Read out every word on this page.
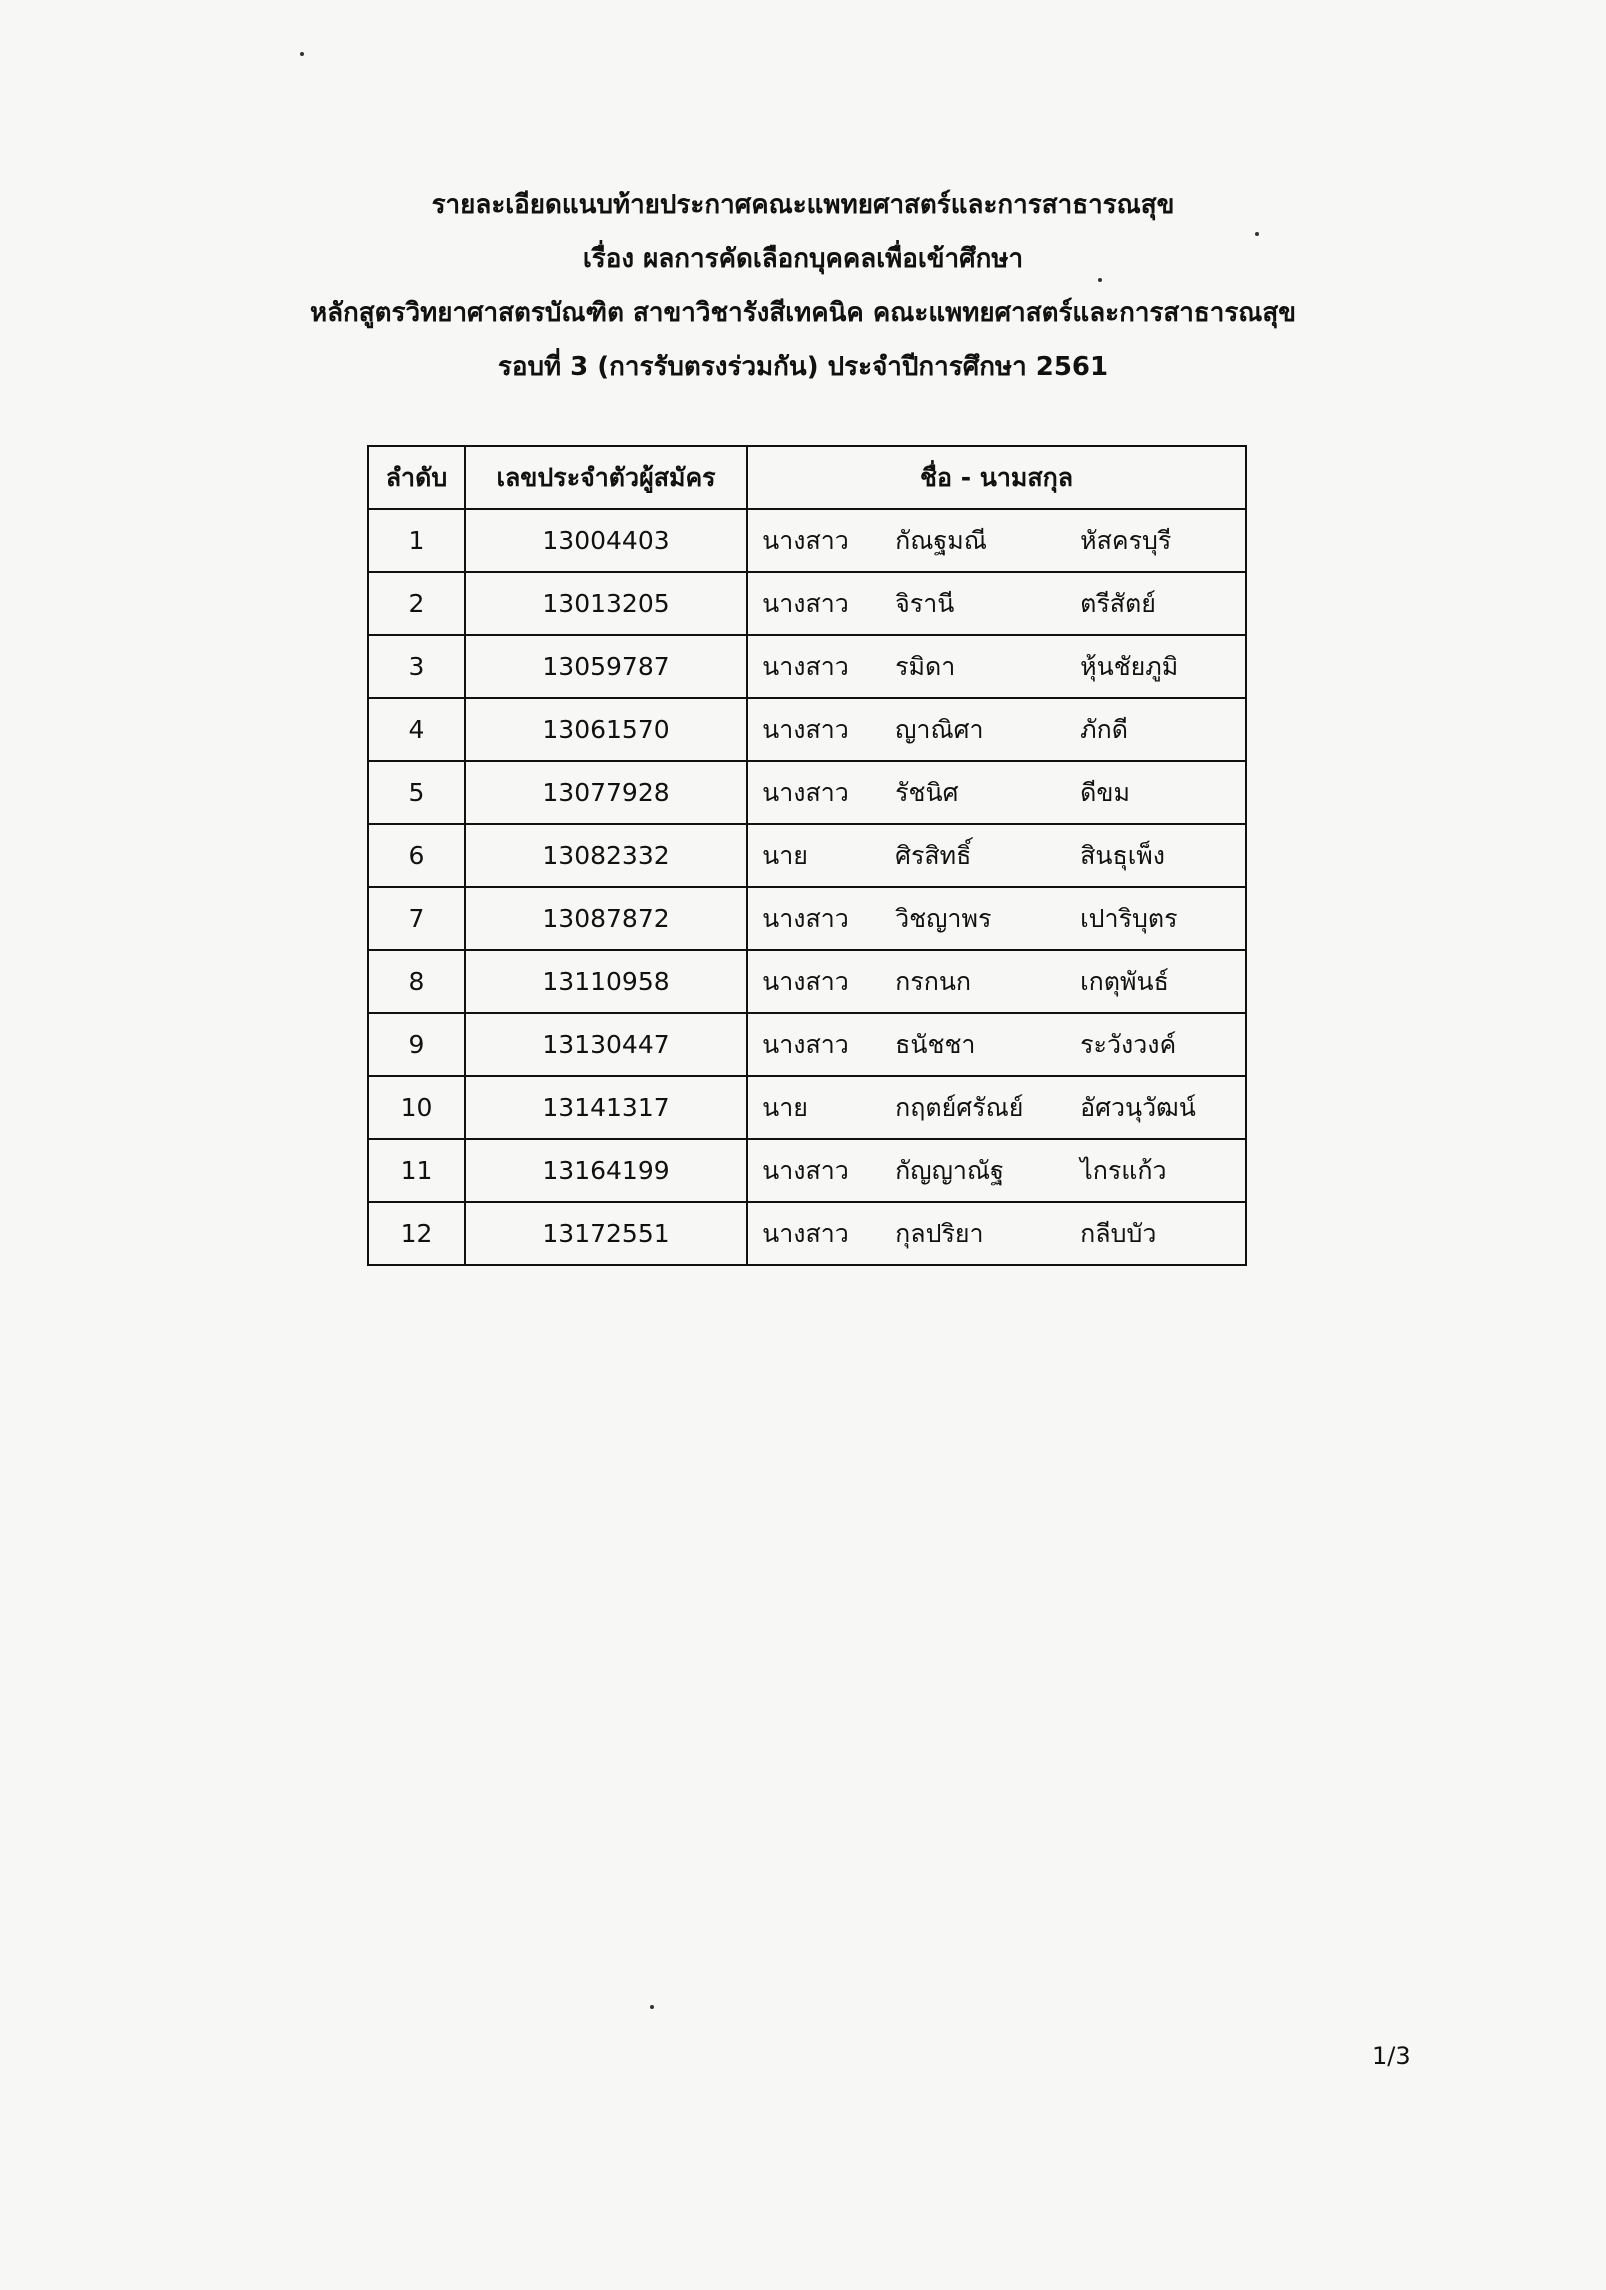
รายละเอียดแนบท้ายประกาศคณะแพทยศาสตร์และการสาธารณสุข
เรื่อง ผลการคัดเลือกบุคคลเพื่อเข้าศึกษา
หลักสูตรวิทยาศาสตรบัณฑิต สาขาวิชารังสีเทคนิค คณะแพทยศาสตร์และการสาธารณสุข
รอบที่ 3 (การรับตรงร่วมกัน) ประจำปีการศึกษา 2561
ลำดับ	เลขประจำตัวผู้สมัคร	ชื่อ - นามสกุล
1	13004403	นางสาว กัณฐมณี หัสครบุรี

2	13013205	นางสาว จิรานี ตรีสัตย์

3	13059787	นางสาว รมิดา หุ้นชัยภูมิ

4	13061570	นางสาว ญาณิศา ภักดี

5	13077928	นางสาว รัชนิศ ดีขม

6	13082332	นาย ศิรสิทธิ์ สินธุเพ็ง

7	13087872	นางสาว วิชญาพร เปาริบุตร

8	13110958	นางสาว กรกนก เกตุพันธ์

9	13130447	นางสาว ธนัชชา ระวังวงค์

10	13141317	นาย กฤตย์ศรัณย์ อัศวนุวัฒน์

11	13164199	นางสาว กัญญาณัฐ ไกรแก้ว

12	13172551	นางสาว กุลปริยา กลีบบัว
1/3
